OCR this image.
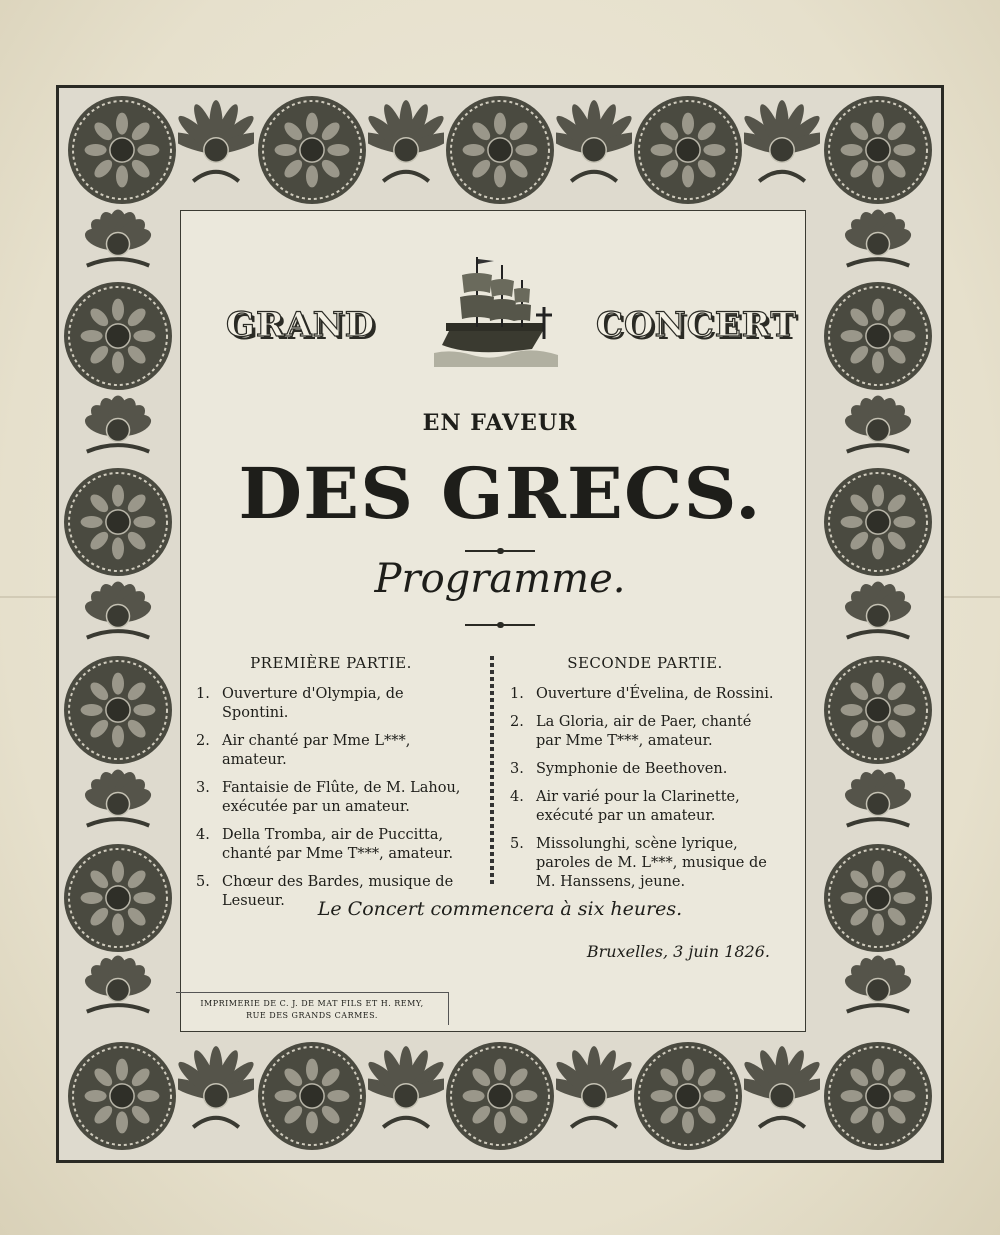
GRAND	CONCERT
EN FAVEUR
DES GRECS.
Programme.
PREMIÈRE PARTIE.
1. Ouverture d'Olympia, de Spontini.
2. Air chanté par Mme L***, amateur.
3. Fantaisie de Flûte, de M. Lahou, exécutée par un amateur.
4. Della Tromba, air de Puccitta, chanté par Mme T***, amateur.
5. Chœur des Bardes, musique de Lesueur.
SECONDE PARTIE.
1. Ouverture d'Évelina, de Rossini.
2. La Gloria, air de Paer, chanté par Mme T***, amateur.
3. Symphonie de Beethoven.
4. Air varié pour la Clarinette, exécuté par un amateur.
5. Missolunghi, scène lyrique, paroles de M. L***, musique de M. Hanssens, jeune.
Le Concert commencera à six heures.
Bruxelles, 3 juin 1826.
IMPRIMERIE DE C. J. DE MAT FILS ET H. REMY,
RUE DES GRANDS CARMES.
